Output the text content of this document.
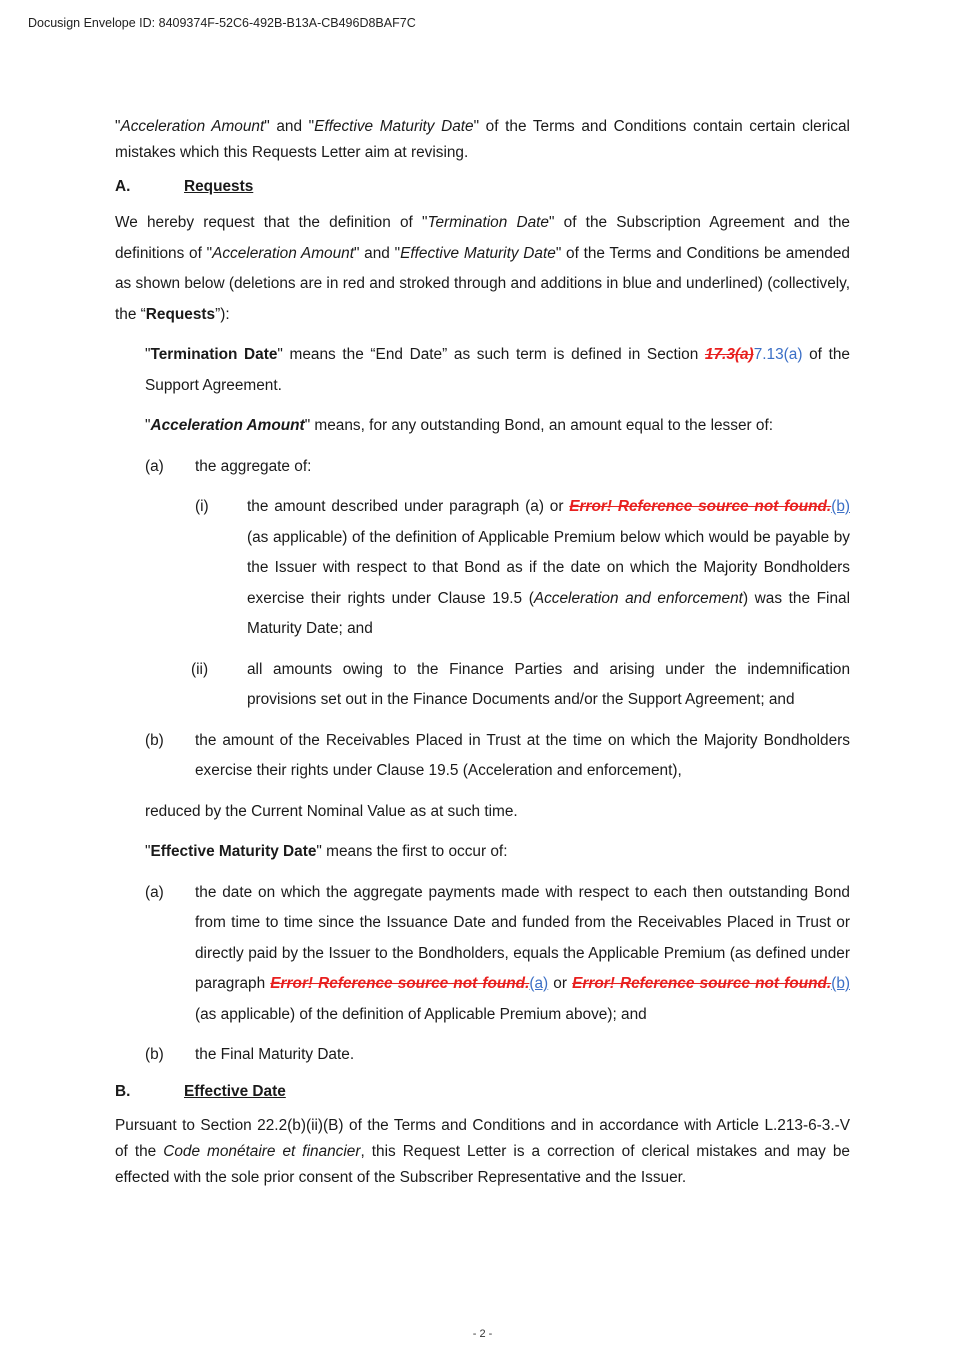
Docusign Envelope ID: 8409374F-52C6-492B-B13A-CB496D8BAF7C

"Acceleration Amount" and "Effective Maturity Date" of the Terms and Conditions contain certain clerical mistakes which this Requests Letter aim at revising.

A.	Requests

We hereby request that the definition of "Termination Date" of the Subscription Agreement and the definitions of "Acceleration Amount" and "Effective Maturity Date" of the Terms and Conditions be amended as shown below (deletions are in red and stroked through and additions in blue and underlined) (collectively, the “Requests”):

"Termination Date" means the “End Date” as such term is defined in Section 17.3(a)7.13(a) of the Support Agreement.

"Acceleration Amount" means, for any outstanding Bond, an amount equal to the lesser of:

(a)	the aggregate of:
(i)	the amount described under paragraph (a) or Error! Reference source not found.(b) (as applicable) of the definition of Applicable Premium below which would be payable by the Issuer with respect to that Bond as if the date on which the Majority Bondholders exercise their rights under Clause 19.5 (Acceleration and enforcement) was the Final Maturity Date; and
(ii)	all amounts owing to the Finance Parties and arising under the indemnification provisions set out in the Finance Documents and/or the Support Agreement; and
(b)	the amount of the Receivables Placed in Trust at the time on which the Majority Bondholders exercise their rights under Clause 19.5 (Acceleration and enforcement),

reduced by the Current Nominal Value as at such time.

"Effective Maturity Date" means the first to occur of:

(a)	the date on which the aggregate payments made with respect to each then outstanding Bond from time to time since the Issuance Date and funded from the Receivables Placed in Trust or directly paid by the Issuer to the Bondholders, equals the Applicable Premium (as defined under paragraph Error! Reference source not found.(a) or Error! Reference source not found.(b) (as applicable) of the definition of Applicable Premium above); and
(b)	the Final Maturity Date.
B.	Effective Date

Pursuant to Section 22.2(b)(ii)(B) of the Terms and Conditions and in accordance with Article L.213-6-3.-V of the Code monétaire et financier, this Request Letter is a correction of clerical mistakes and may be effected with the sole prior consent of the Subscriber Representative and the Issuer.

- 2 -
